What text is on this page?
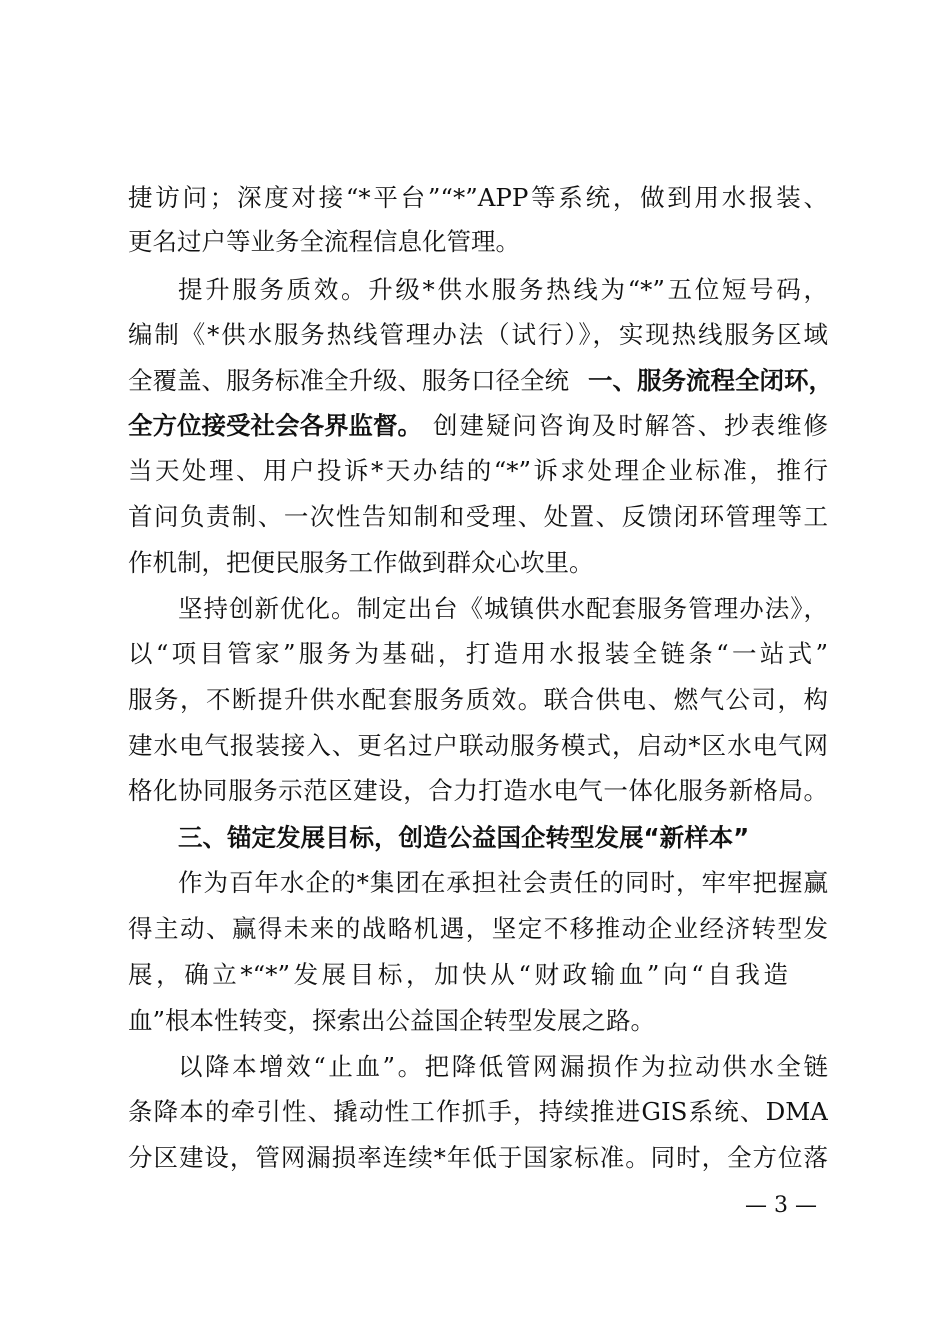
捷访问；深度对接“*平台”“*”APP等系统，做到用水报装、
更名过户等业务全流程信息化管理。
提升服务质效。升级*供水服务热线为“*”五位短号码，
编制《*供水服务热线管理办法（试行）》，实现热线服务区域
全覆盖、服务标准全升级、服务口径全统 一、服务流程全闭环，
全方位接受社会各界监督。 创建疑问咨询及时解答、抄表维修
当天处理、用户投诉*天办结的“*”诉求处理企业标准，推行
首问负责制、一次性告知制和受理、处置、反馈闭环管理等工
作机制，把便民服务工作做到群众心坎里。
坚持创新优化。制定出台《城镇供水配套服务管理办法》，
以“项目管家”服务为基础，打造用水报装全链条“一站式”
服务，不断提升供水配套服务质效。联合供电、燃气公司，构
建水电气报装接入、更名过户联动服务模式，启动*区水电气网
格化协同服务示范区建设，合力打造水电气一体化服务新格局。
三、锚定发展目标，创造公益国企转型发展“新样本”
作为百年水企的*集团在承担社会责任的同时，牢牢把握赢
得主动、赢得未来的战略机遇，坚定不移推动企业经济转型发
展，确立*“*”发展目标，加快从“财政输血”向“自我造
血”根本性转变，探索出公益国企转型发展之路。
以降本增效“止血”。把降低管网漏损作为拉动供水全链
条降本的牵引性、撬动性工作抓手，持续推进GIS系统、DMA
分区建设，管网漏损率连续*年低于国家标准。同时，全方位落
— 3 —
